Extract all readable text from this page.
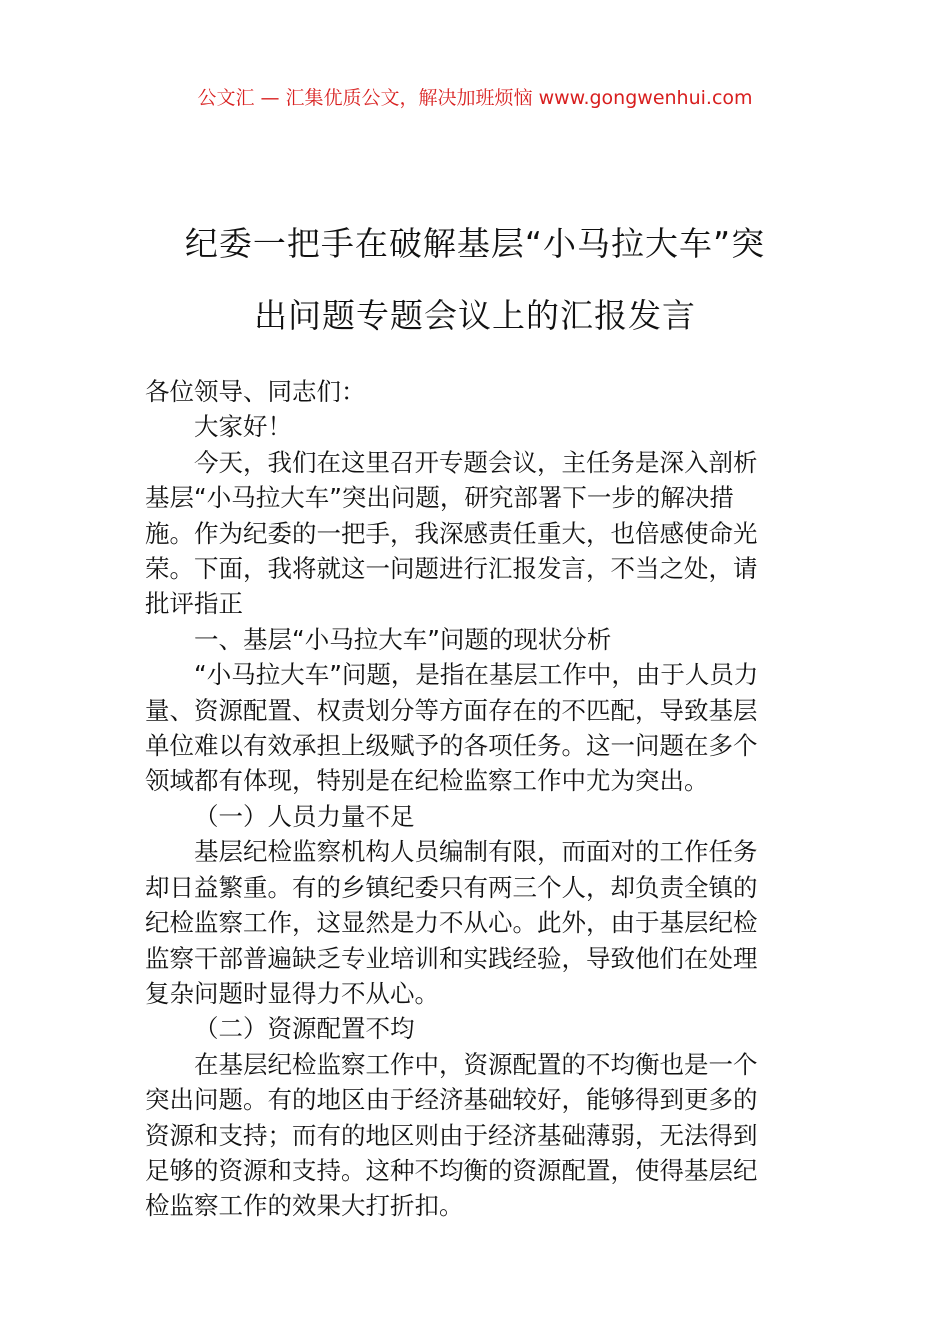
公文汇 — 汇集优质公文，解决加班烦恼 www.gongwenhui.com
纪委一把手在破解基层“小马拉大车”突
出问题专题会议上的汇报发言

各位领导、同志们：

大家好！

今天，我们在这里召开专题会议，主任务是深入剖析

基层“小马拉大车”突出问题，研究部署下一步的解决措

施。作为纪委的一把手，我深感责任重大，也倍感使命光

荣。下面，我将就这一问题进行汇报发言，不当之处，请

批评指正

一、基层“小马拉大车”问题的现状分析

“小马拉大车”问题，是指在基层工作中，由于人员力

量、资源配置、权责划分等方面存在的不匹配，导致基层

单位难以有效承担上级赋予的各项任务。这一问题在多个

领域都有体现，特别是在纪检监察工作中尤为突出。

（一）人员力量不足

基层纪检监察机构人员编制有限，而面对的工作任务

却日益繁重。有的乡镇纪委只有两三个人，却负责全镇的

纪检监察工作，这显然是力不从心。此外，由于基层纪检

监察干部普遍缺乏专业培训和实践经验，导致他们在处理

复杂问题时显得力不从心。

（二）资源配置不均

在基层纪检监察工作中，资源配置的不均衡也是一个

突出问题。有的地区由于经济基础较好，能够得到更多的

资源和支持；而有的地区则由于经济基础薄弱，无法得到

足够的资源和支持。这种不均衡的资源配置，使得基层纪

检监察工作的效果大打折扣。
